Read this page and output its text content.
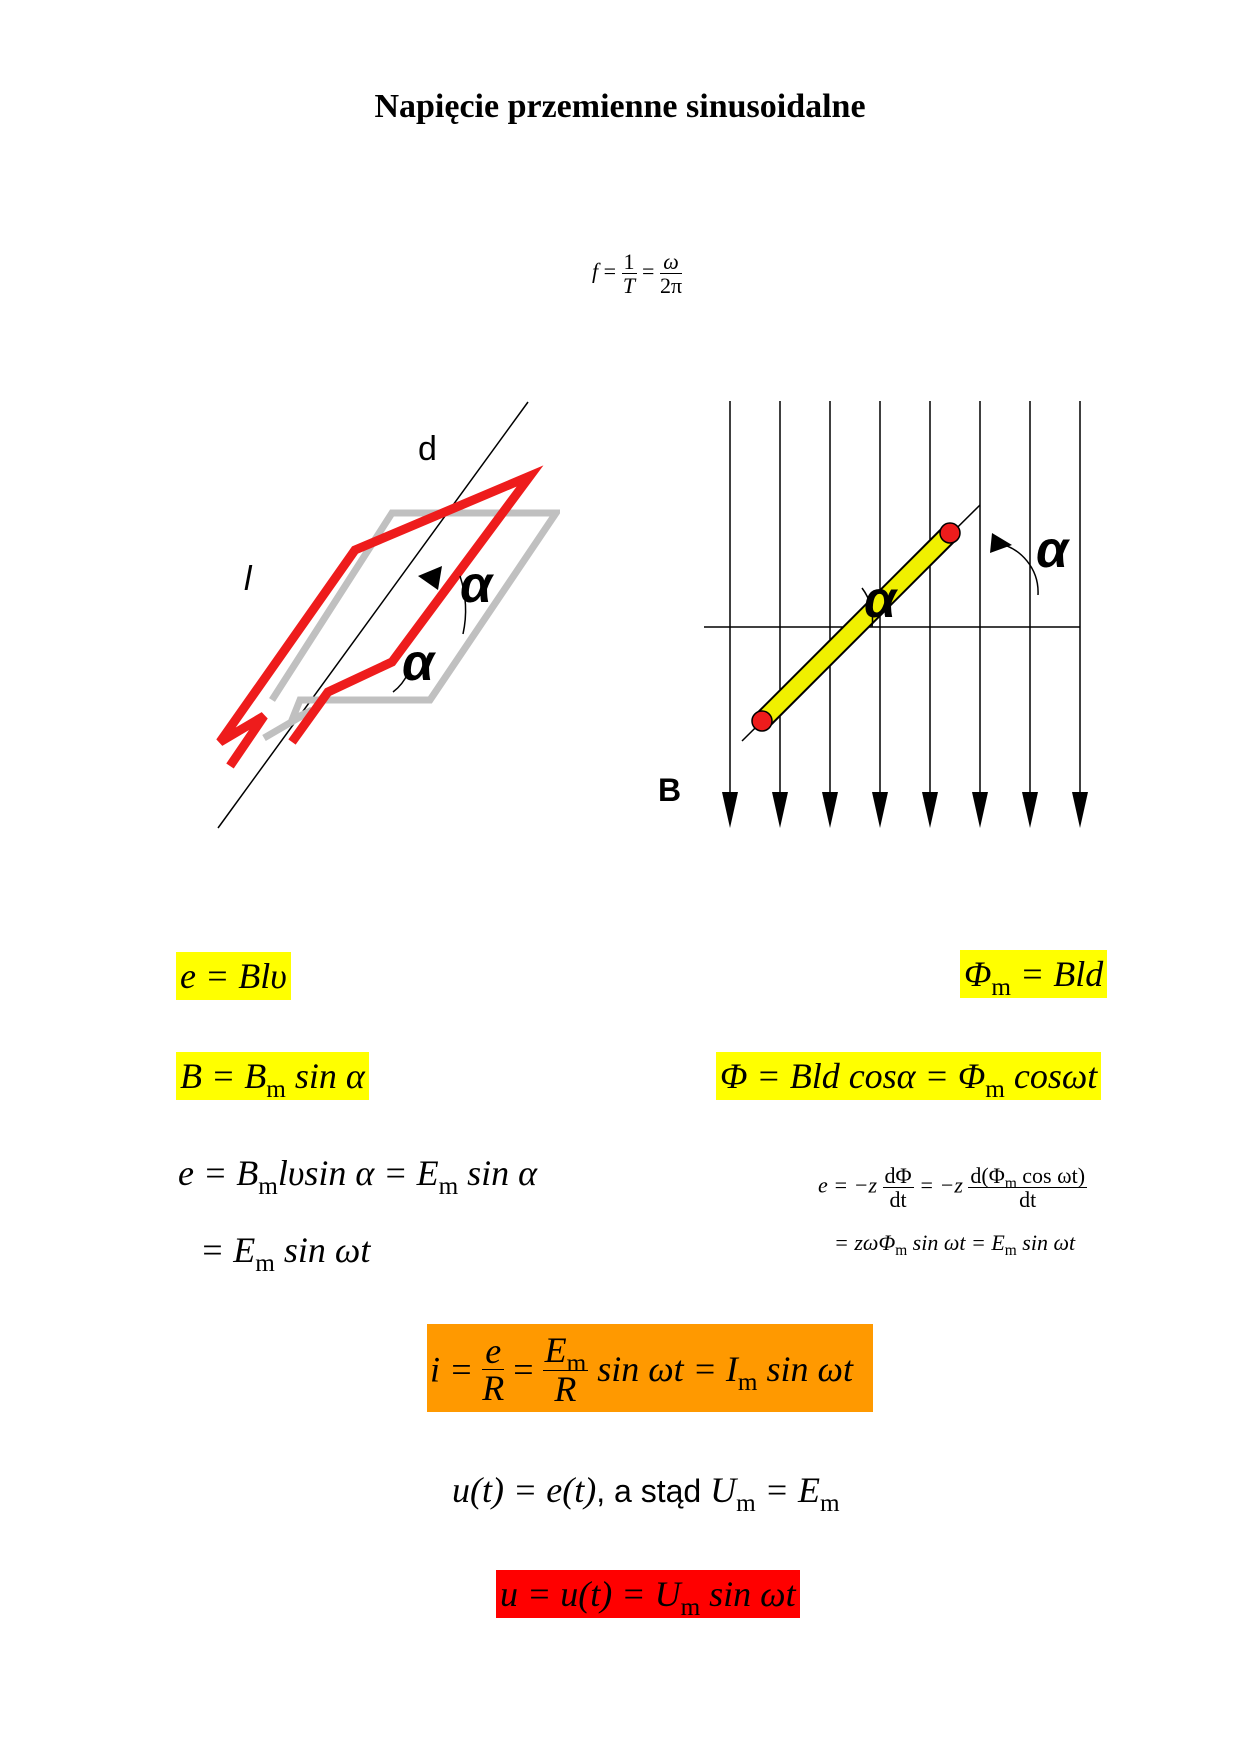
Napięcie przemienne sinusoidalne
$f = \frac{1}{T} = \frac{\omega}{2\pi}$
α
α
d
l	α
α
B
e = Blυ	$\Phi_m$ = Bld
$B = B_m$ sin α	Φ = Bld $\cos\alpha = \Phi_m$ cosωt
$e = B_ml\upsilon\sin$ $\alpha = E_m$ sin α
= $E_m$ sin ωt
$e = -z \frac{d\Phi}{dt} = -z \frac{d(\Phi_m \cos \omega t)}{dt}$
= zωΦ$_m$ $\sin \omega t = E_m$ sin ωt
$i = \frac{e}{R} = \frac{E_m}{R}$ $\sin \omega t = I_m$ sin ωt
u(t) = e(t), a stąd $U_m = E_m$
$u = u(t) = U_m$ sin ωt
